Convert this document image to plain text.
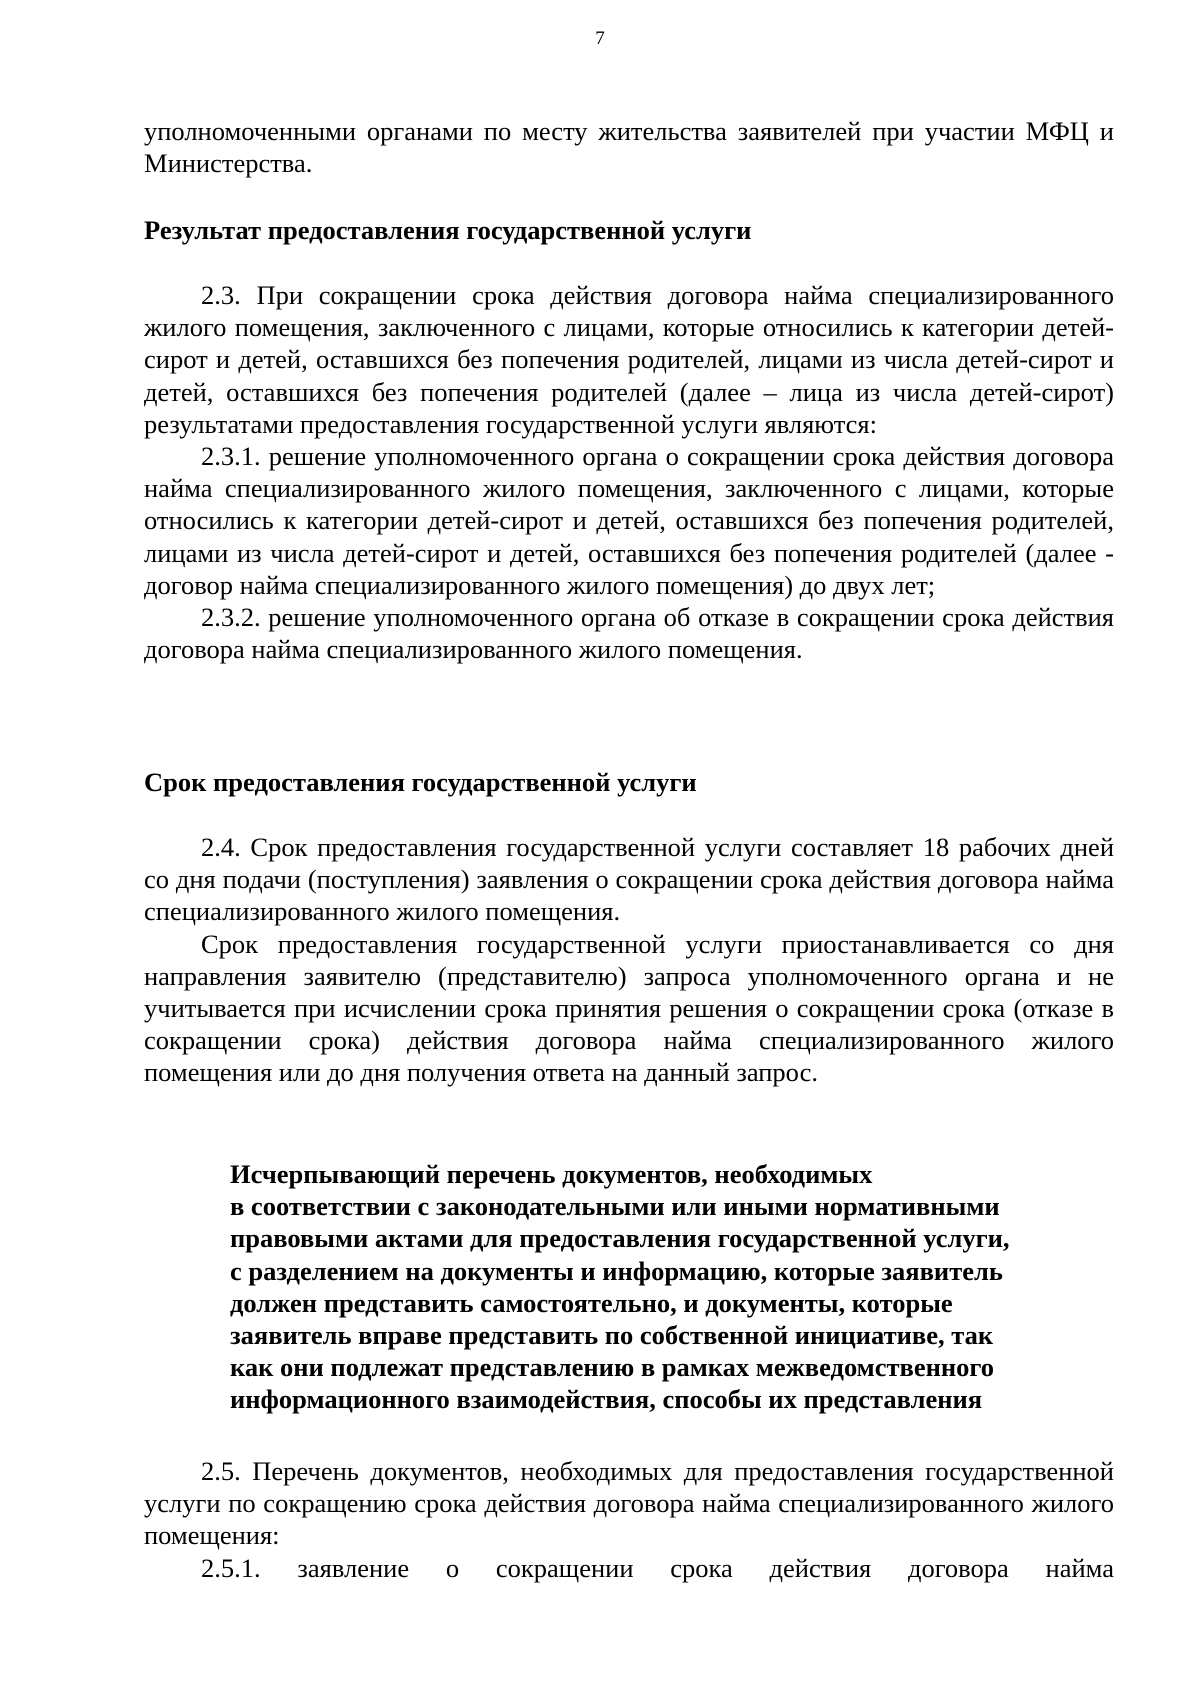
7

уполномоченными органами по месту жительства заявителей при участии МФЦ и Министерства.

Результат предоставления государственной услуги

2.3. При сокращении срока действия договора найма специализированного жилого помещения, заключенного с лицами, которые относились к категории детей-сирот и детей, оставшихся без попечения родителей, лицами из числа детей-сирот и детей, оставшихся без попечения родителей (далее – лица из числа детей-сирот) результатами предоставления государственной услуги являются:

2.3.1. решение уполномоченного органа о сокращении срока действия договора найма специализированного жилого помещения, заключенного с лицами, которые относились к категории детей-сирот и детей, оставшихся без попечения родителей, лицами из числа детей-сирот и детей, оставшихся без попечения родителей (далее - договор найма специализированного жилого помещения) до двух лет;

2.3.2. решение уполномоченного органа об отказе в сокращении срока действия договора найма специализированного жилого помещения.

Срок предоставления государственной услуги

2.4. Срок предоставления государственной услуги составляет 18 рабочих дней со дня подачи (поступления) заявления о сокращении срока действия договора найма специализированного жилого помещения.

Срок предоставления государственной услуги приостанавливается со дня направления заявителю (представителю) запроса уполномоченного органа и не учитывается при исчислении срока принятия решения о сокращении срока (отказе в сокращении срока) действия договора найма специализированного жилого помещения или до дня получения ответа на данный запрос.

Исчерпывающий перечень документов, необходимых
в соответствии с законодательными или иными нормативными
правовыми актами для предоставления государственной услуги,
с разделением на документы и информацию, которые заявитель
должен представить самостоятельно, и документы, которые
заявитель вправе представить по собственной инициативе, так
как они подлежат представлению в рамках межведомственного
информационного взаимодействия, способы их представления

2.5. Перечень документов, необходимых для предоставления государственной услуги по сокращению срока действия договора найма специализированного жилого помещения:

2.5.1. заявление о сокращении срока действия договора найма
